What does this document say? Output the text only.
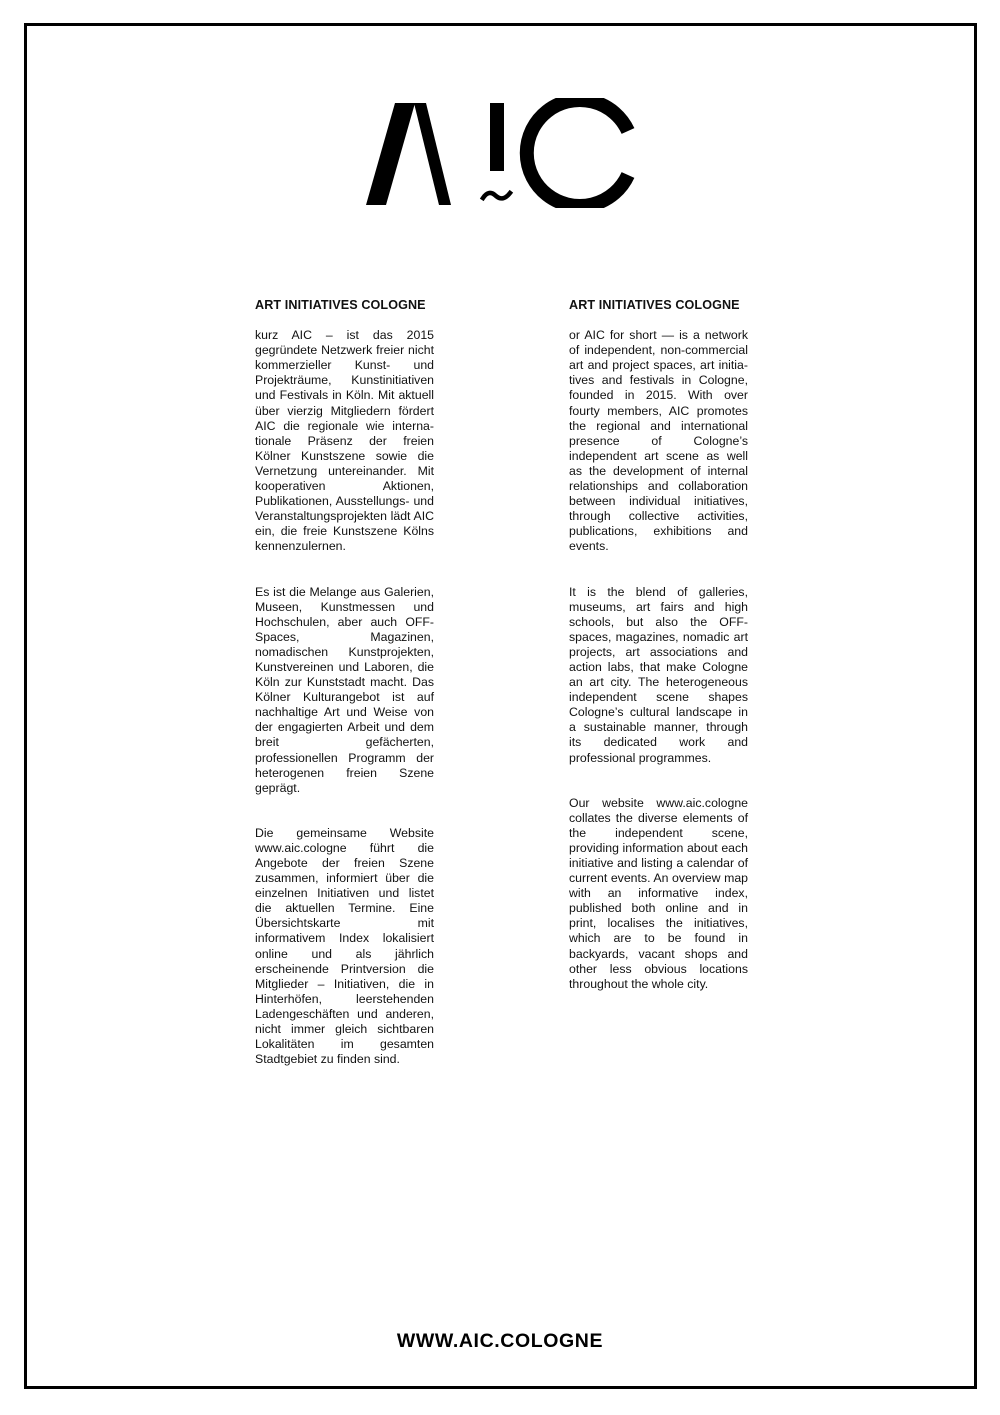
ART INITIATIVES COLOGNE

kurz AIC – ist das 2015 gegründete Netzwerk freier nicht kommerzieller Kunst- und Projekträume, Kunstinitiativen und Festivals in Köln. Mit aktuell über vierzig Mitgliedern fördert AIC die regionale wie internationale Präsenz der freien Kölner Kunstszene sowie die Vernetzung untereinander. Mit kooperativen Aktionen, Publikationen, Ausstellungs- und Veranstaltungsprojekten lädt AIC ein, die freie Kunstszene Kölns kennenzulernen.

Es ist die Melange aus Galerien, Museen, Kunstmessen und Hochschulen, aber auch OFF-Spaces, Magazinen, nomadischen Kunstprojekten, Kunstvereinen und Laboren, die Köln zur Kunststadt macht. Das Kölner Kulturangebot ist auf nachhaltige Art und Weise von der engagierten Arbeit und dem breit gefächerten, professionellen Programm der heterogenen freien Szene geprägt.

Die gemeinsame Website www.aic.cologne führt die Angebote der freien Szene zusammen, informiert über die einzelnen Initiativen und listet die aktuellen Termine. Eine Übersichtskarte mit informativem Index lokalisiert online und als jährlich erscheinende Printversion die Mitglieder – Initiativen, die in Hinterhöfen, leerstehenden Ladengeschäften und anderen, nicht immer gleich sichtbaren Lokalitäten im gesamten Stadtgebiet zu finden sind.

ART INITIATIVES COLOGNE

or AIC for short — is a network of independent, non-commercial art and project spaces, art initiatives and festivals in Cologne, founded in 2015. With over fourty members, AIC promotes the regional and international presence of Cologne’s independent art scene as well as the development of internal relationships and collaboration between individual initiatives, through collective activities, publications, exhibitions and events.

It is the blend of galleries, museums, art fairs and high schools, but also the OFF-spaces, magazines, nomadic art projects, art associations and action labs, that make Cologne an art city. The heterogeneous independent scene shapes Cologne’s cultural landscape in a sustainable manner, through its dedicated work and professional programmes.

Our website www.aic.cologne collates the diverse elements of the independent scene, providing information about each initiative and listing a calendar of current events. An overview map with an informative index, published both online and in print, localises the initiatives, which are to be found in backyards, vacant shops and other less obvious locations throughout the whole city.

WWW.AIC.COLOGNE
